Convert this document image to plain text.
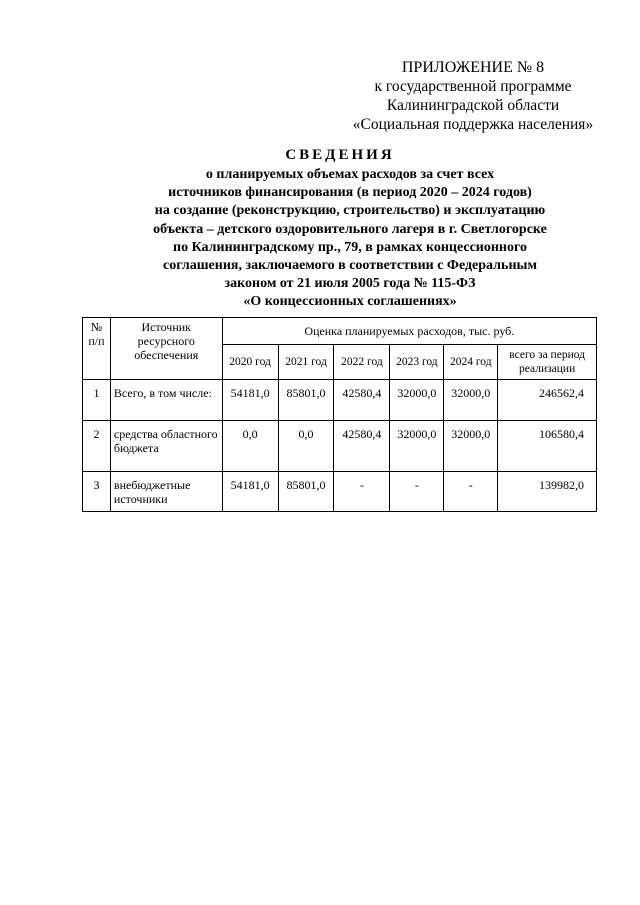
ПРИЛОЖЕНИЕ № 8
к государственной программе
Калининградской области
«Социальная поддержка населения»
СВЕДЕНИЯ
о планируемых объемах расходов за счет всех
источников финансирования (в период 2020 – 2024 годов)
на создание (реконструкцию, строительство) и эксплуатацию
объекта – детского оздоровительного лагеря в г. Светлогорске
по Калининградскому пр., 79, в рамках концессионного
соглашения, заключаемого в соответствии с Федеральным
законом от 21 июля 2005 года № 115-ФЗ
«О концессионных соглашениях»
№ п/п	Источник ресурсного обеспечения	Оценка планируемых расходов, тыс. руб.					
		2020 год	2021 год	2022 год	2023 год	2024 год	всего за период реализации
1	Всего, в том числе:	54181,0	85801,0	42580,4	32000,0	32000,0	246562,4
2	средства областного бюджета	0,0	0,0	42580,4	32000,0	32000,0	106580,4
3	внебюджетные источники	54181,0	85801,0	-	-	-	139982,0
